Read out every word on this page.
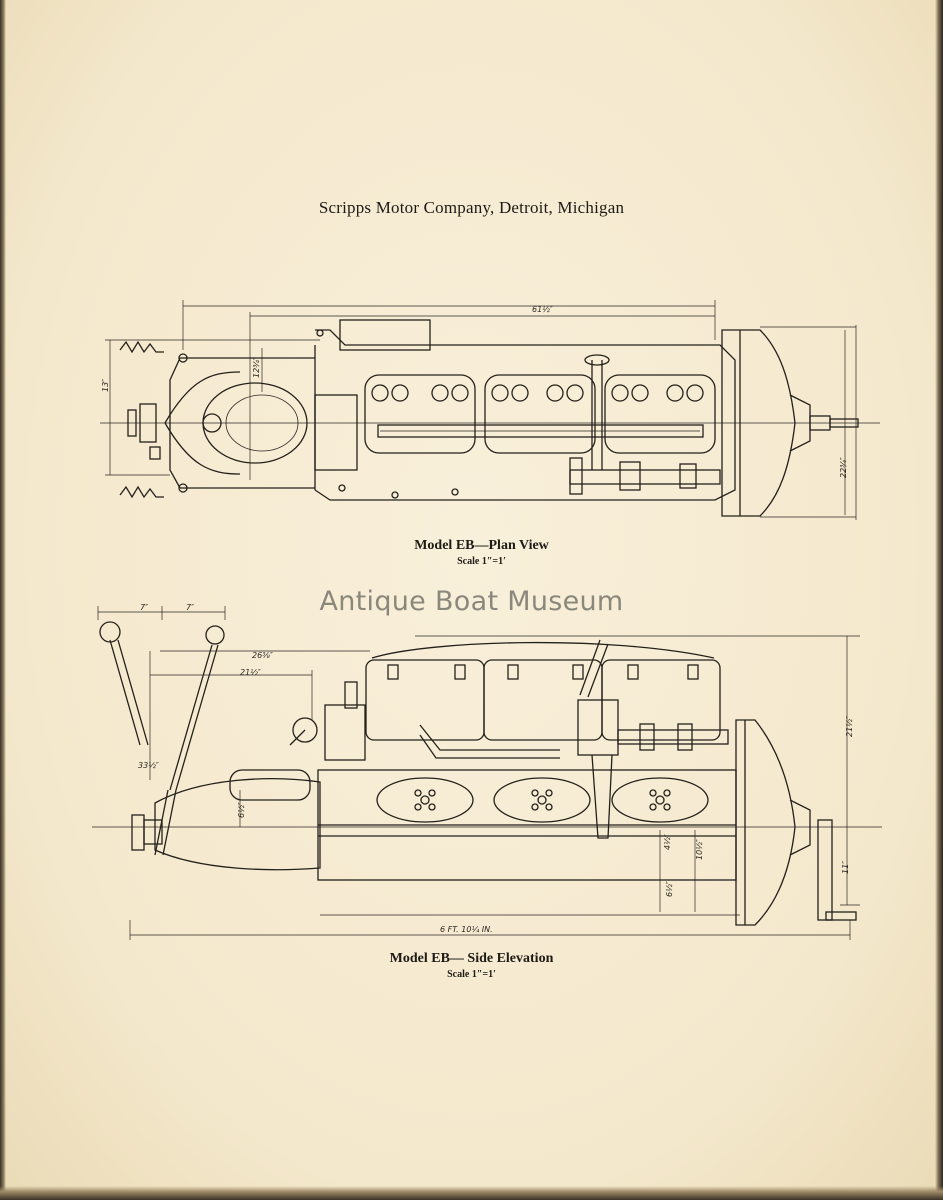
Scripps Motor Company, Detroit, Michigan
61½″
13″
12¾″
22¾″
7″	7″
26⅜″
21½″
33½″
6½″
4½″	10½″
6½″
21½″
11″
6 FT. 10¼ IN.
Model EB—Plan View
Scale 1″=1′
Antique Boat Museum
Model EB— Side Elevation
Scale 1″=1′
